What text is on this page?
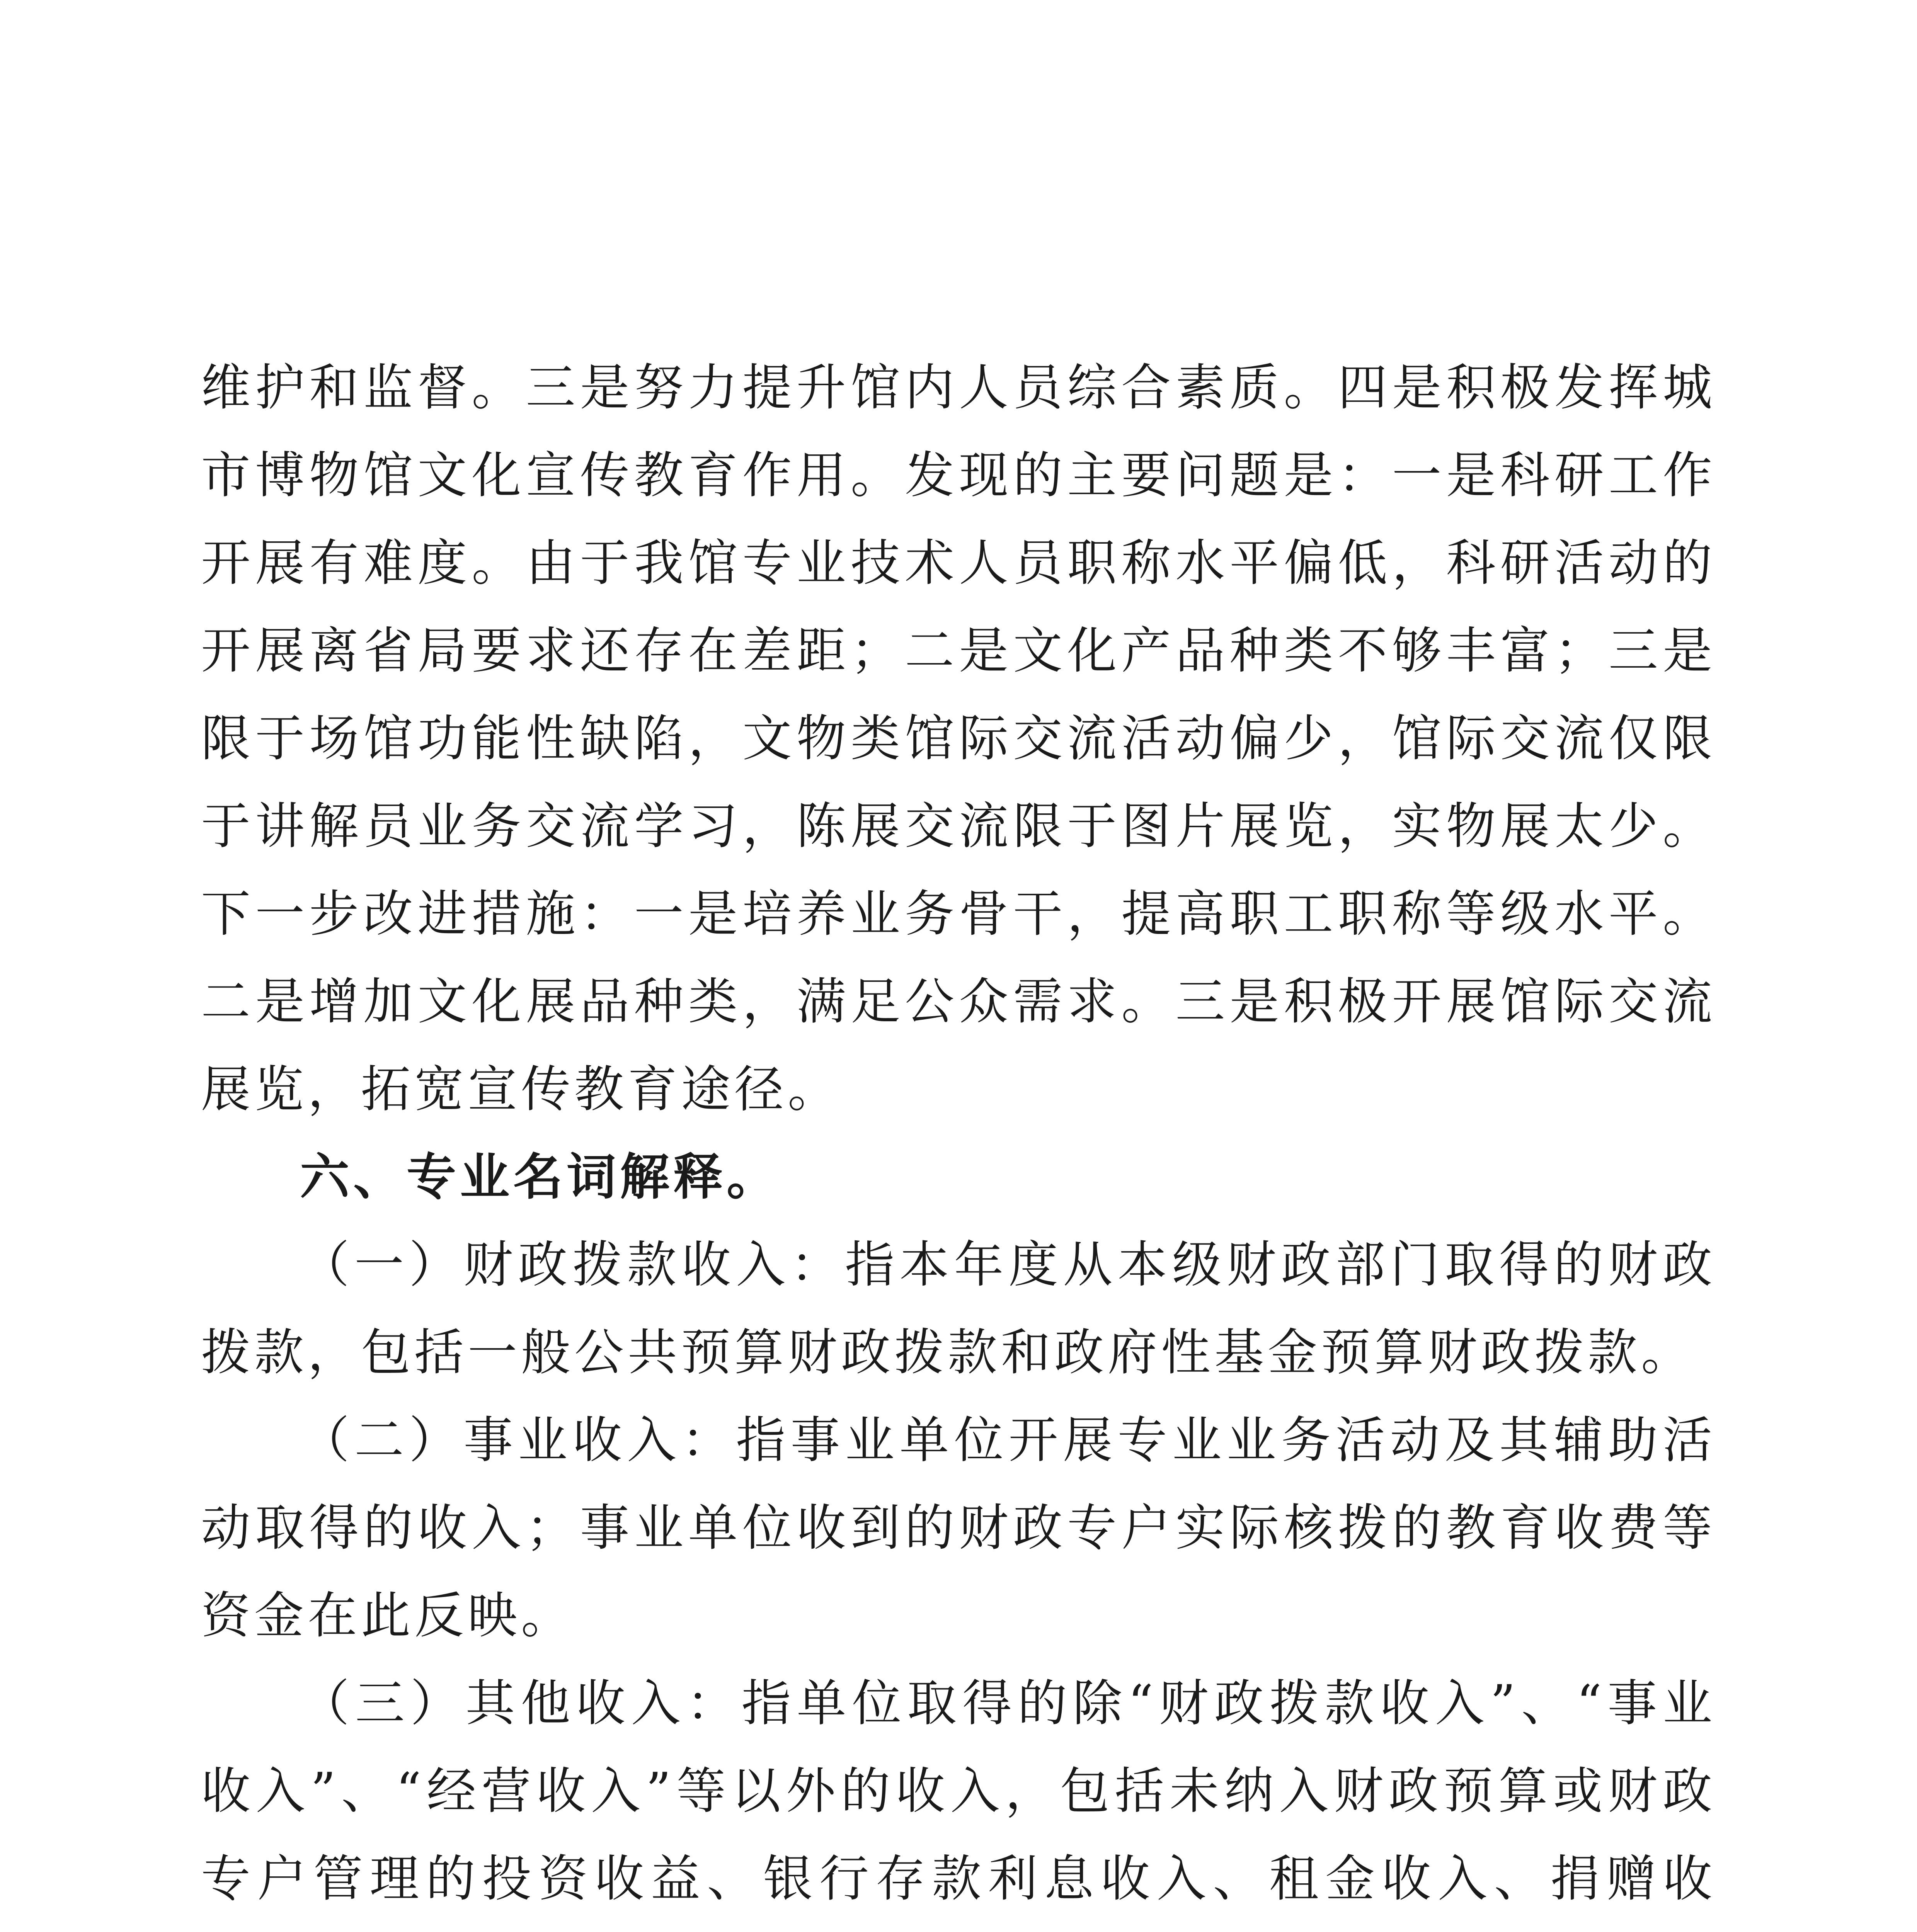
维护和监督。三是努力提升馆内人员综合素质。四是积极发挥城市博物馆文化宣传教育作用。发现的主要问题是：一是科研工作开展有难度。由于我馆专业技术人员职称水平偏低，科研活动的开展离省局要求还存在差距；二是文化产品种类不够丰富；三是限于场馆功能性缺陷，文物类馆际交流活动偏少，馆际交流仅限于讲解员业务交流学习，陈展交流限于图片展览，实物展太少。下一步改进措施：一是培养业务骨干，提高职工职称等级水平。二是增加文化展品种类，满足公众需求。三是积极开展馆际交流展览，拓宽宣传教育途径。

六、专业名词解释。

（一）财政拨款收入：指本年度从本级财政部门取得的财政拨款，包括一般公共预算财政拨款和政府性基金预算财政拨款。

（二）事业收入：指事业单位开展专业业务活动及其辅助活动取得的收入；事业单位收到的财政专户实际核拨的教育收费等资金在此反映。

（三）其他收入：指单位取得的除“财政拨款收入”、“事业收入”、“经营收入”等以外的收入，包括未纳入财政预算或财政专户管理的投资收益、银行存款利息收入、租金收入、捐赠收
